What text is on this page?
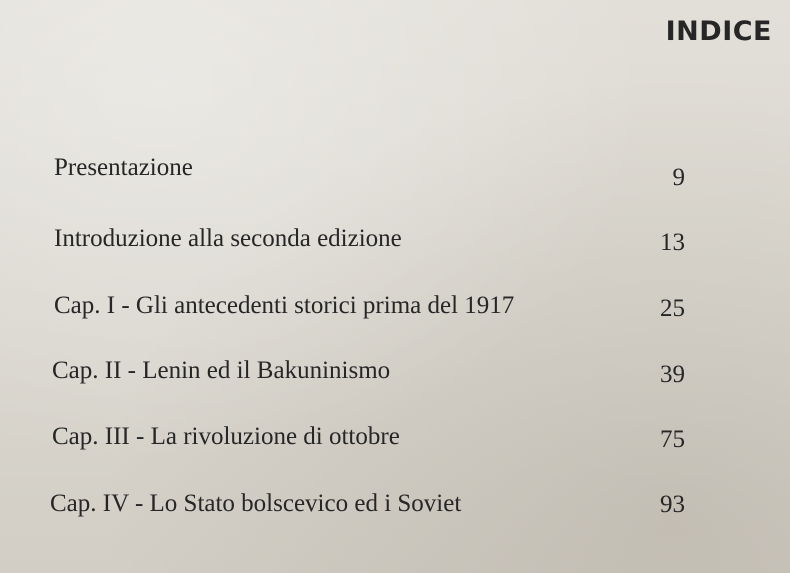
INDICE
Presentazione	9
Introduzione alla seconda edizione	13
Cap. I - Gli antecedenti storici prima del 1917	25
Cap. II - Lenin ed il Bakuninismo	39
Cap. III - La rivoluzione di ottobre	75
Cap. IV - Lo Stato bolscevico ed i Soviet	93
